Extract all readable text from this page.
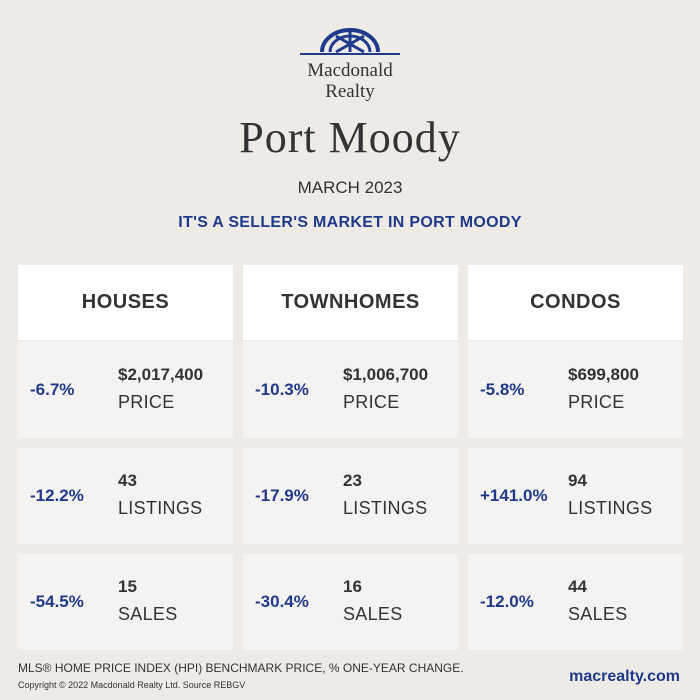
Macdonald
Realty
Port Moody
MARCH 2023
IT'S A SELLER'S MARKET IN PORT MOODY
HOUSES
-6.7%
$2,017,400
PRICE
-12.2%
43
LISTINGS
-54.5%
15
SALES
TOWNHOMES
-10.3%
$1,006,700
PRICE
-17.9%
23
LISTINGS
-30.4%
16
SALES
CONDOS
-5.8%
$699,800
PRICE
+141.0%
94
LISTINGS
-12.0%
44
SALES
MLS® HOME PRICE INDEX (HPI) BENCHMARK PRICE, % ONE-YEAR CHANGE.
Copyright © 2022 Macdonald Realty Ltd. Source REBGV	macrealty.com
